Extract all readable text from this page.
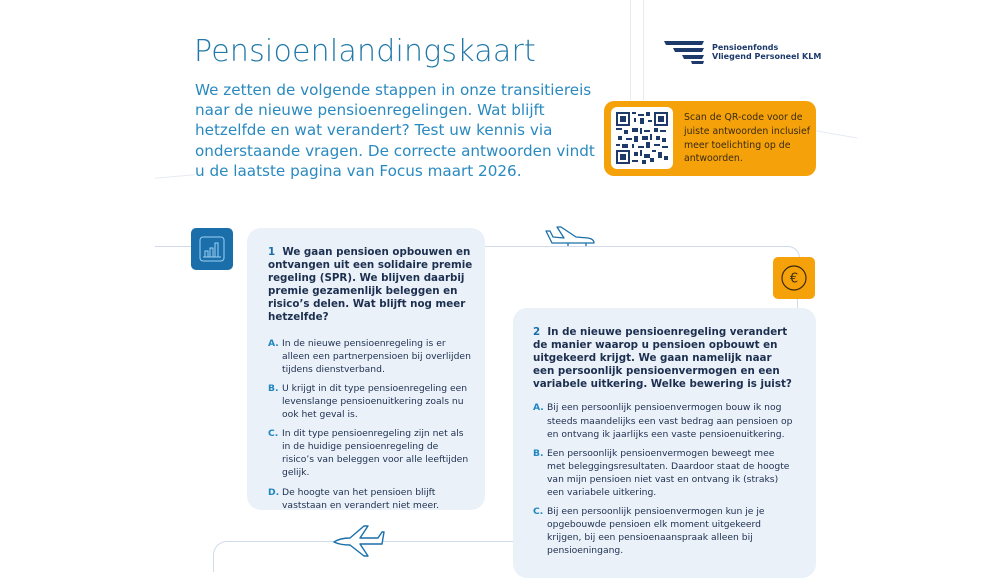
Pensioenlandingskaart
We zetten de volgende stappen in onze transitiereis naar de nieuwe pensioenregelingen. Wat blijft hetzelfde en wat verandert? Test uw kennis via onderstaande vragen. De correcte antwoorden vindt u de laatste pagina van Focus maart 2026.
Pensioenfonds
Vliegend Personeel KLM
Scan de QR-code voor de juiste antwoorden inclusief meer toelichting op de antwoorden.
€
1 We gaan pensioen opbouwen en ontvangen uit een solidaire premie regeling (SPR). We blijven daarbij premie gezamenlijk beleggen en risico’s delen. Wat blijft nog meer hetzelfde?
A. In de nieuwe pensioenregeling is er alleen een partnerpensioen bij overlijden tijdens dienstverband.
B. U krijgt in dit type pensioenregeling een levenslange pensioenuitkering zoals nu ook het geval is.
C. In dit type pensioenregeling zijn net als in de huidige pensioenregeling de risico’s van beleggen voor alle leeftijden gelijk.
D. De hoogte van het pensioen blijft vaststaan en verandert niet meer.
2 In de nieuwe pensioenregeling verandert de manier waarop u pensioen opbouwt en uitgekeerd krijgt. We gaan namelijk naar een persoonlijk pensioenvermogen en een variabele uitkering. Welke bewering is juist?
A. Bij een persoonlijk pensioenvermogen bouw ik nog steeds maandelijks een vast bedrag aan pensioen op en ontvang ik jaarlijks een vaste pensioenuitkering.
B. Een persoonlijk pensioenvermogen beweegt mee met beleggingsresultaten. Daardoor staat de hoogte van mijn pensioen niet vast en ontvang ik (straks) een variabele uitkering.
C. Bij een persoonlijk pensioenvermogen kun je je opgebouwde pensioen elk moment uitgekeerd krijgen, bij een pensioenaanspraak alleen bij pensioeningang.
